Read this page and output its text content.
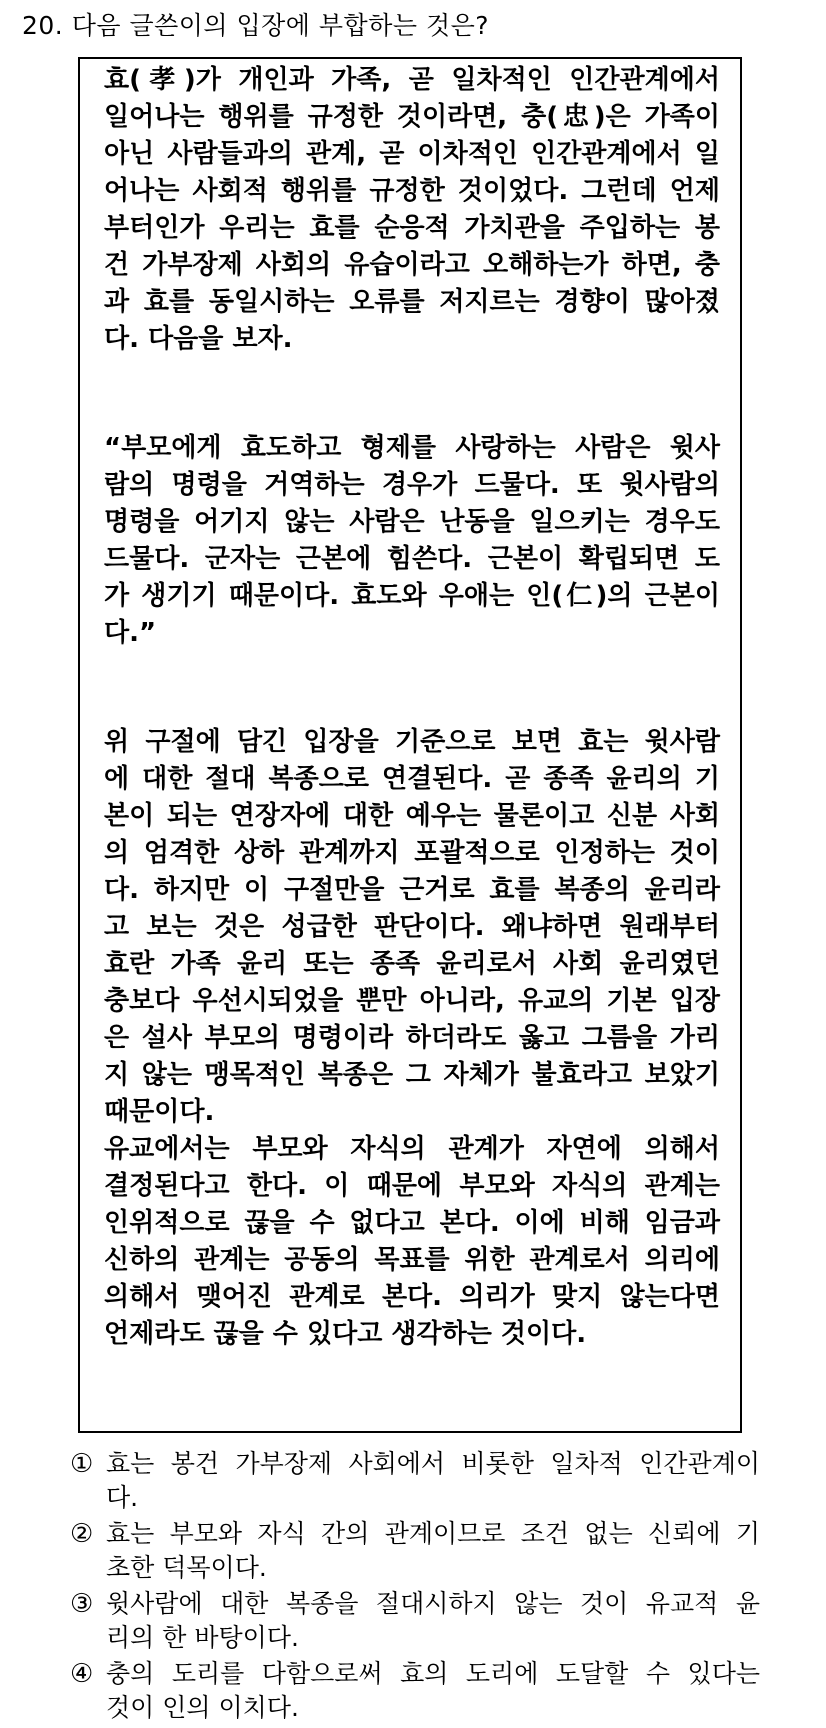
20. 다음 글쓴이의 입장에 부합하는 것은?
효(孝)가 개인과 가족, 곧 일차적인 인간관계에서
일어나는 행위를 규정한 것이라면, 충(忠)은 가족이
아닌 사람들과의 관계, 곧 이차적인 인간관계에서 일
어나는 사회적 행위를 규정한 것이었다. 그런데 언제
부터인가 우리는 효를 순응적 가치관을 주입하는 봉
건 가부장제 사회의 유습이라고 오해하는가 하면, 충
과 효를 동일시하는 오류를 저지르는 경향이 많아졌
다. 다음을 보자.
“부모에게 효도하고 형제를 사랑하는 사람은 윗사
람의 명령을 거역하는 경우가 드물다. 또 윗사람의
명령을 어기지 않는 사람은 난동을 일으키는 경우도
드물다. 군자는 근본에 힘쓴다. 근본이 확립되면 도
가 생기기 때문이다. 효도와 우애는 인(仁)의 근본이
다.”
위 구절에 담긴 입장을 기준으로 보면 효는 윗사람
에 대한 절대 복종으로 연결된다. 곧 종족 윤리의 기
본이 되는 연장자에 대한 예우는 물론이고 신분 사회
의 엄격한 상하 관계까지 포괄적으로 인정하는 것이
다. 하지만 이 구절만을 근거로 효를 복종의 윤리라
고 보는 것은 성급한 판단이다. 왜냐하면 원래부터
효란 가족 윤리 또는 종족 윤리로서 사회 윤리였던
충보다 우선시되었을 뿐만 아니라, 유교의 기본 입장
은 설사 부모의 명령이라 하더라도 옳고 그름을 가리
지 않는 맹목적인 복종은 그 자체가 불효라고 보았기
때문이다.
유교에서는 부모와 자식의 관계가 자연에 의해서
결정된다고 한다. 이 때문에 부모와 자식의 관계는
인위적으로 끊을 수 없다고 본다. 이에 비해 임금과
신하의 관계는 공동의 목표를 위한 관계로서 의리에
의해서 맺어진 관계로 본다. 의리가 맞지 않는다면
언제라도 끊을 수 있다고 생각하는 것이다.
① 효는 봉건 가부장제 사회에서 비롯한 일차적 인간관계이
다.
② 효는 부모와 자식 간의 관계이므로 조건 없는 신뢰에 기
초한 덕목이다.
③ 윗사람에 대한 복종을 절대시하지 않는 것이 유교적 윤
리의 한 바탕이다.
④ 충의 도리를 다함으로써 효의 도리에 도달할 수 있다는
것이 인의 이치다.
